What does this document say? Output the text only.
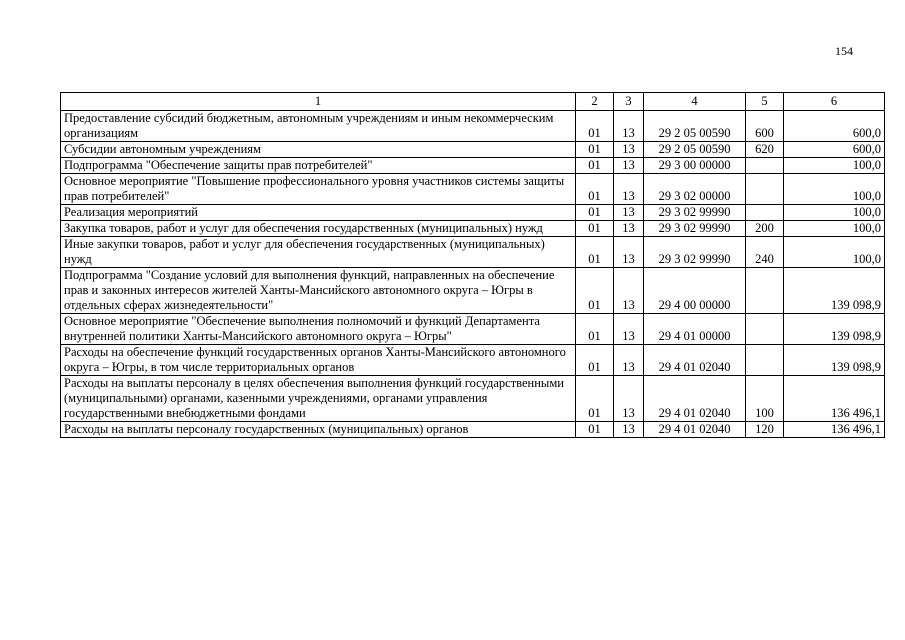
154
1	2	3	4	5	6
Предоставление субсидий бюджетным, автономным учреждениям и иным некоммерческим организациям	01	13	29 2 05 00590	600	600,0
Субсидии автономным учреждениям	01	13	29 2 05 00590	620	600,0
Подпрограмма "Обеспечение защиты прав потребителей"	01	13	29 3 00 00000		100,0
Основное мероприятие "Повышение профессионального уровня участников системы защиты прав потребителей"	01	13	29 3 02 00000		100,0
Реализация мероприятий	01	13	29 3 02 99990		100,0
Закупка товаров, работ и услуг для обеспечения государственных (муниципальных) нужд	01	13	29 3 02 99990	200	100,0
Иные закупки товаров, работ и услуг для обеспечения государственных (муниципальных) нужд	01	13	29 3 02 99990	240	100,0
Подпрограмма "Создание условий для выполнения функций, направленных на обеспечение прав и законных интересов жителей Ханты-Мансийского автономного округа – Югры в отдельных сферах жизнедеятельности"	01	13	29 4 00 00000		139 098,9
Основное мероприятие "Обеспечение выполнения полномочий и функций Департамента внутренней политики Ханты-Мансийского автономного округа – Югры"	01	13	29 4 01 00000		139 098,9
Расходы на обеспечение функций государственных органов Ханты-Мансийского автономного округа – Югры, в том числе территориальных органов	01	13	29 4 01 02040		139 098,9
Расходы на выплаты персоналу в целях обеспечения выполнения функций государственными (муниципальными) органами, казенными учреждениями, органами управления государственными внебюджетными фондами	01	13	29 4 01 02040	100	136 496,1
Расходы на выплаты персоналу государственных (муниципальных) органов	01	13	29 4 01 02040	120	136 496,1
